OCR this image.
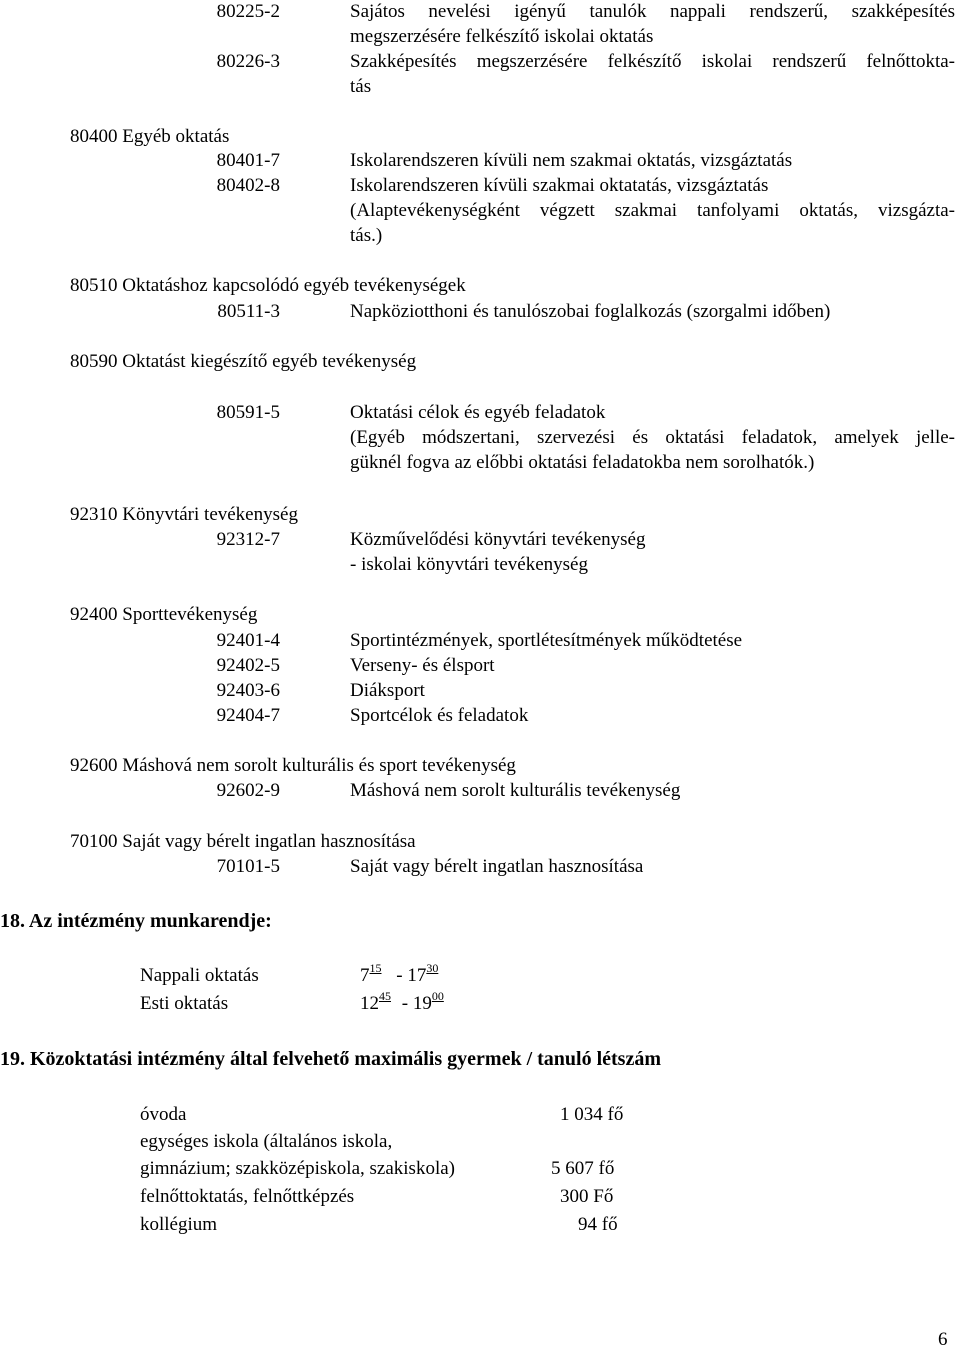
80225-2	Sajátos nevelési igényű tanulók nappali rendszerű, szakképesítés
megszerzésére felkészítő iskolai oktatás
80226-3	Szakképesítés megszerzésére felkészítő iskolai rendszerű felnőttokta-
tás
80400 Egyéb oktatás
80401-7	Iskolarendszeren kívüli nem szakmai oktatás, vizsgáztatás
80402-8	Iskolarendszeren kívüli szakmai oktatatás, vizsgáztatás
(Alaptevékenységként végzett szakmai tanfolyami oktatás, vizsgázta-
tás.)
80510 Oktatáshoz kapcsolódó egyéb tevékenységek
80511-3	Napköziotthoni és tanulószobai foglalkozás (szorgalmi időben)
80590 Oktatást kiegészítő egyéb tevékenység
80591-5	Oktatási célok és egyéb feladatok
(Egyéb módszertani, szervezési és oktatási feladatok, amelyek jelle-
güknél fogva az előbbi oktatási feladatokba nem sorolhatók.)
92310 Könyvtári tevékenység
92312-7	Közművelődési könyvtári tevékenység
- iskolai könyvtári tevékenység
92400 Sporttevékenység
92401-4	Sportintézmények, sportlétesítmények működtetése
92402-5	Verseny- és élsport
92403-6	Diáksport
92404-7	Sportcélok és feladatok
92600 Máshová nem sorolt kulturális és sport tevékenység
92602-9	Máshová nem sorolt kulturális tevékenység
70100 Saját vagy bérelt ingatlan hasznosítása
70101-5	Saját vagy bérelt ingatlan hasznosítása
18. Az intézmény munkarendje:
Nappali oktatás	$7^{15} - 17^{30}$
Esti oktatás	$12^{45} - 19^{00}$
19. Közoktatási intézmény által felvehető maximális gyermek / tanuló létszám
óvoda	1 034 fő
egységes iskola (általános iskola,
gimnázium; szakközépiskola, szakiskola)	5 607 fő
felnőttoktatás, felnőttképzés	300 Fő
kollégium	94 fő
6
